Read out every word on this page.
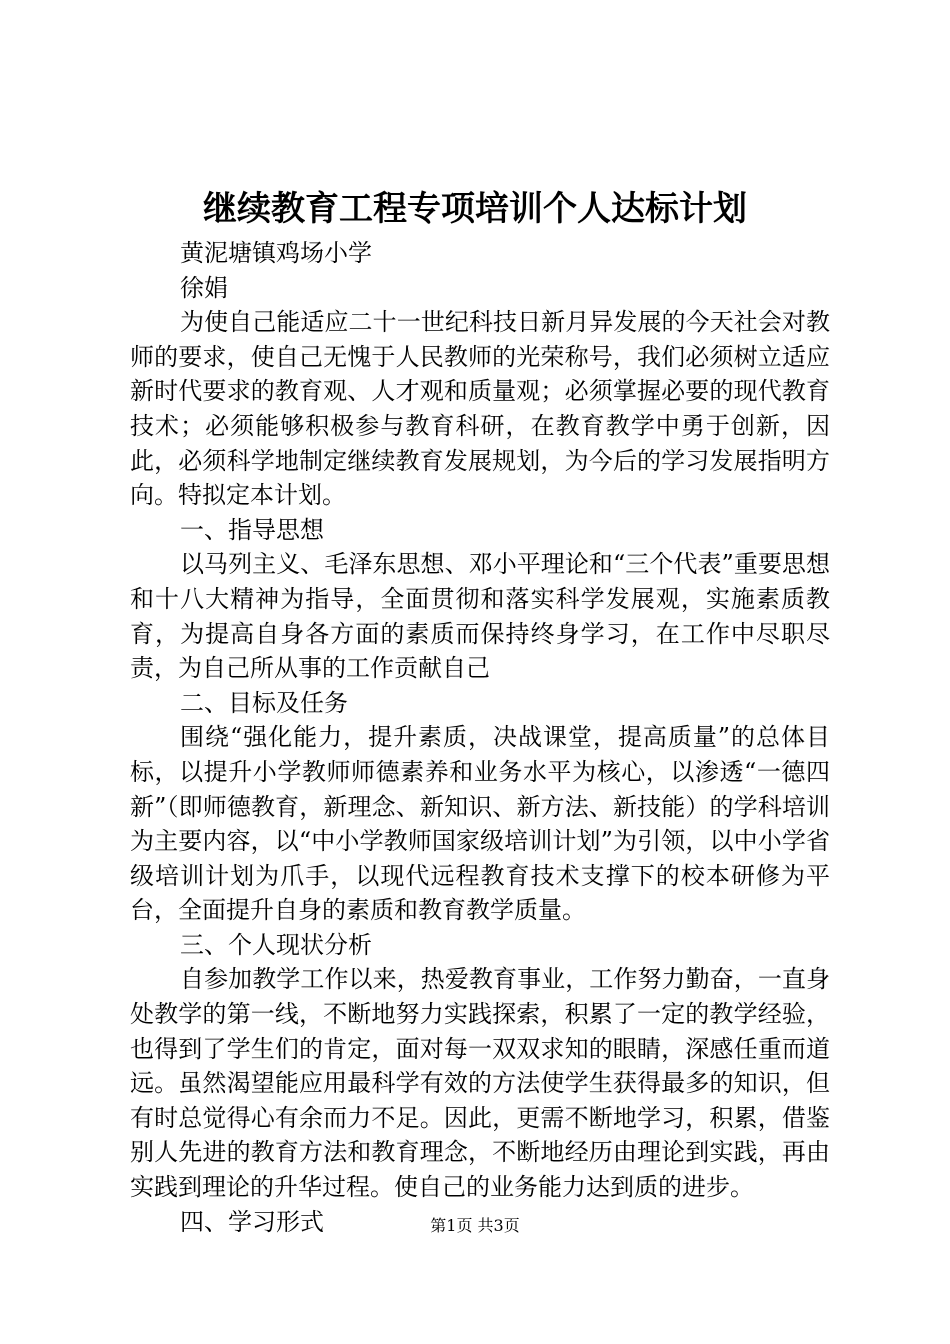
继续教育工程专项培训个人达标计划

黄泥塘镇鸡场小学

徐娟

为使自己能适应二十一世纪科技日新月异发展的今天社会对教师的要求，使自己无愧于人民教师的光荣称号，我们必须树立适应新时代要求的教育观、人才观和质量观；必须掌握必要的现代教育技术；必须能够积极参与教育科研，在教育教学中勇于创新，因此，必须科学地制定继续教育发展规划，为今后的学习发展指明方向。特拟定本计划。

一、指导思想

以马列主义、毛泽东思想、邓小平理论和“三个代表”重要思想和十八大精神为指导，全面贯彻和落实科学发展观，实施素质教育，为提高自身各方面的素质而保持终身学习，在工作中尽职尽责，为自己所从事的工作贡献自己

二、目标及任务

围绕“强化能力，提升素质，决战课堂，提高质量”的总体目标，以提升小学教师师德素养和业务水平为核心，以渗透“一德四新”（即师德教育，新理念、新知识、新方法、新技能）的学科培训为主要内容，以“中小学教师国家级培训计划”为引领，以中小学省级培训计划为爪手，以现代远程教育技术支撑下的校本研修为平台，全面提升自身的素质和教育教学质量。

三、个人现状分析

自参加教学工作以来，热爱教育事业，工作努力勤奋，一直身处教学的第一线，不断地努力实践探索，积累了一定的教学经验，也得到了学生们的肯定，面对每一双双求知的眼睛，深感任重而道远。虽然渴望能应用最科学有效的方法使学生获得最多的知识，但有时总觉得心有余而力不足。因此，更需不断地学习，积累，借鉴别人先进的教育方法和教育理念，不断地经历由理论到实践，再由实践到理论的升华过程。使自己的业务能力达到质的进步。

四、学习形式	第1页 共3页
